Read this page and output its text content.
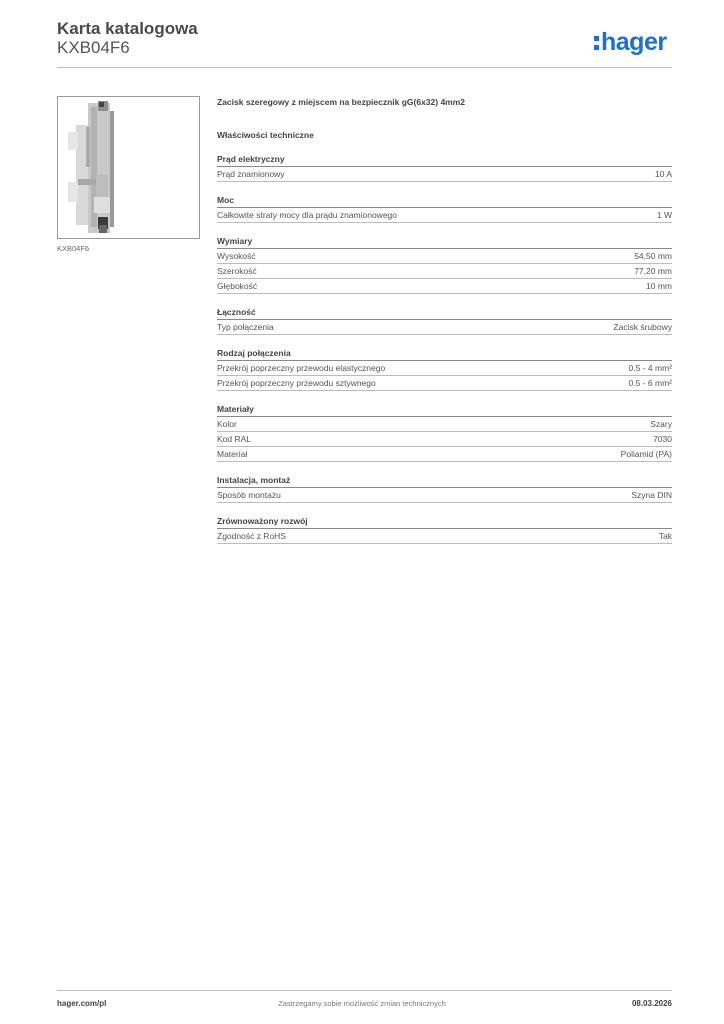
Karta katalogowa
KXB04F6	hager
KXB04F6
Zacisk szeregowy z miejscem na bezpiecznik gG(6x32) 4mm2
Właściwości techniczne
Prąd elektryczny
Prąd znamionowy	10 A
Moc
Całkowite straty mocy dla prądu znamionowego	1 W
Wymiary
Wysokość	54,50 mm
Szerokość	77,20 mm
Głębokość	10 mm
Łączność
Typ połączenia	Zacisk śrubowy
Rodzaj połączenia
Przekrój poprzeczny przewodu elastycznego	0.5 - 4 mm²
Przekrój poprzeczny przewodu sztywnego	0.5 - 6 mm²
Materiały
Kolor	Szary
Kod RAL	7030
Materiał	Poliamid (PA)
Instalacja, montaż
Sposób montażu	Szyna DIN
Zrównoważony rozwój
Zgodność z RoHS	Tak
hager.com/pl	Zastrzegamy sobie możliwość zmian technicznych	08.03.2026
